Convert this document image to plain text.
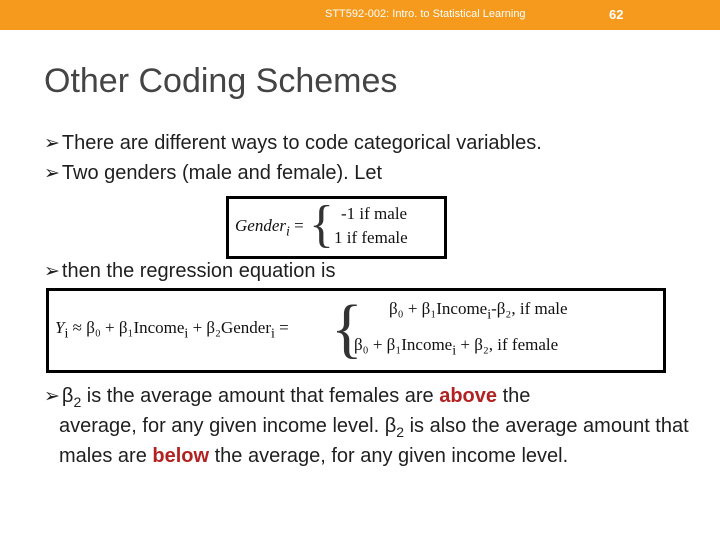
STT592-002: Intro. to Statistical Learning	62
Other Coding Schemes
➢ There are different ways to code categorical variables.
➢ Two genders (male and female). Let
Gender$_i$ = { -1 if male
1 if female
➢ then the regression equation is
$Y_i \approx \beta_0$ + β₁Income$_i$ + β₂Gender$_i$ = { β₀ + β₁Income$_i$-β₂, if male
β₀ + β₁Income$_i$ + β₂, if female
➢ $\beta_2$ is the average amount that females are above the
average, for any given income level. $\beta_2$ is also the average amount that males are below the average, for any given income level.
